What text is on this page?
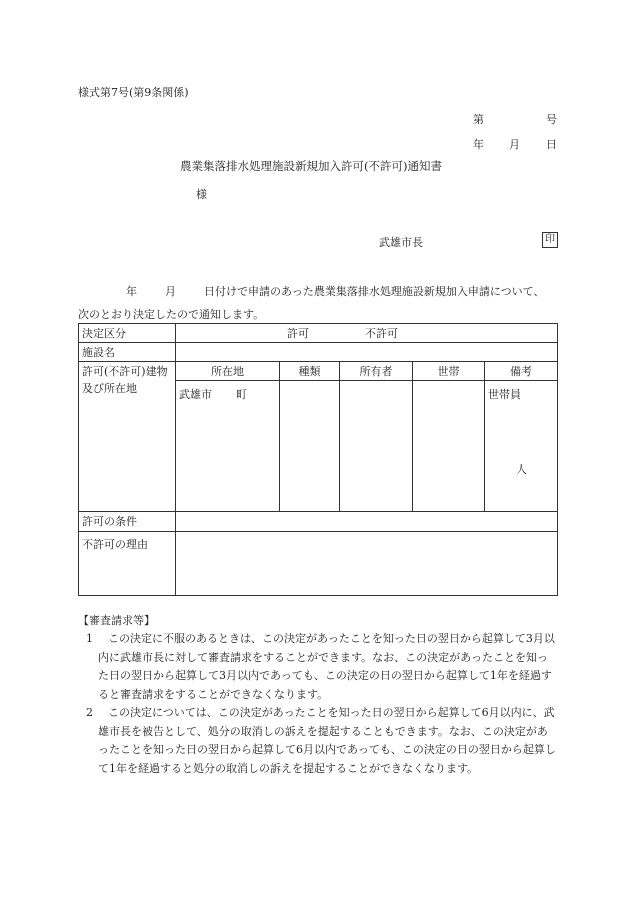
様式第7号(第9条関係)
第	号
年 月 日
農業集落排水処理施設新規加入許可(不許可)通知書
様
武雄市長	印
年	月	日付けで申請のあった農業集落排水処理施設新規加入申請について、
次のとおり決定したので通知します。
決定区分	許可 不許可				
施設名					
許可(不許可)建物及び所在地	所在地	種類	所有者	世帯	備考
	武雄市 町				世帯員
人

許可の条件					
不許可の理由					
【審査請求等】
1	この決定に不服のあるときは、この決定があったことを知った日の翌日から起算して3月以内に武雄市長に対して審査請求をすることができます。なお、この決定があったことを知った日の翌日から起算して3月以内であっても、この決定の日の翌日から起算して1年を経過すると審査請求をすることができなくなります。
2	この決定については、この決定があったことを知った日の翌日から起算して6月以内に、武雄市長を被告として、処分の取消しの訴えを提起することもできます。なお、この決定があったことを知った日の翌日から起算して6月以内であっても、この決定の日の翌日から起算して1年を経過すると処分の取消しの訴えを提起することができなくなります。
